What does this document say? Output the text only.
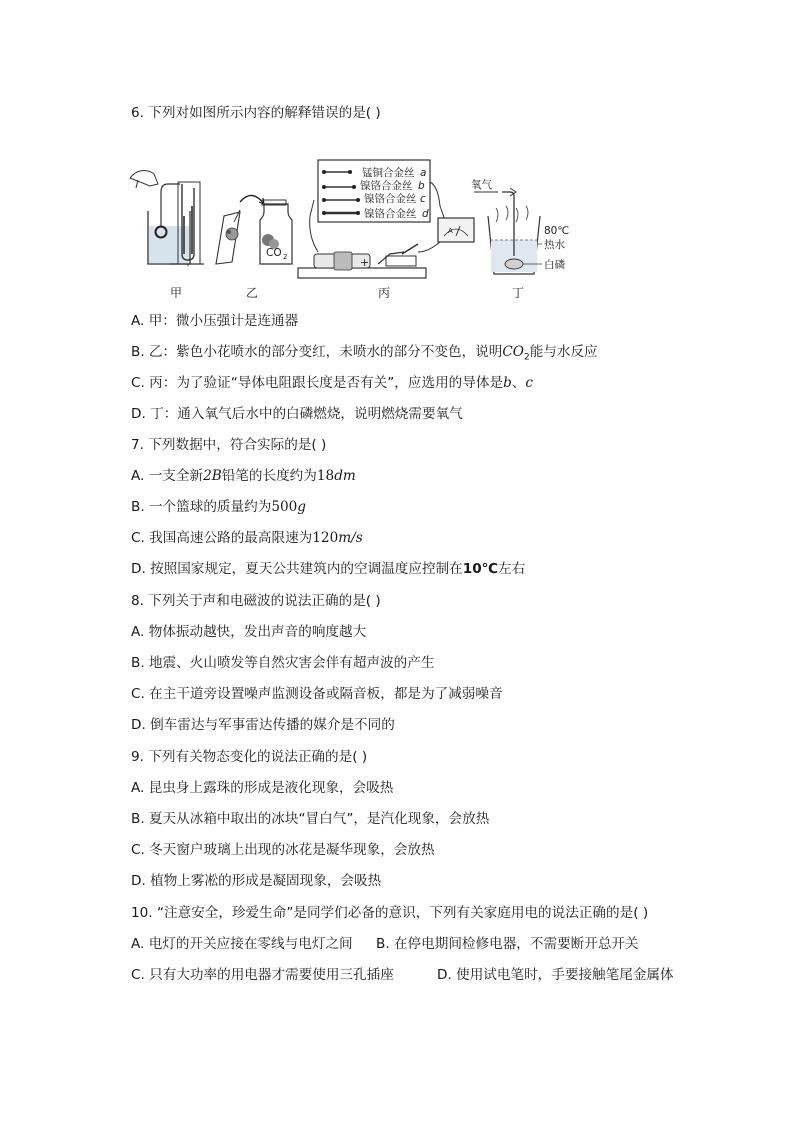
6. 下列对如图所示内容的解释错误的是( )
甲
CO 2
乙
+
A
锰铜合金丝 a
镍铬合金丝 b
镍铬合金丝 c
镍铬合金丝 d
丙
氧气
80℃
热水
白磷
丁
A. 甲：微小压强计是连通器
B. 乙：紫色小花喷水的部分变红，未喷水的部分不变色，说明$CO_2$能与水反应
C. 丙：为了验证“导体电阻跟长度是否有关”，应选用的导体是b、c
D. 丁：通入氧气后水中的白磷燃烧，说明燃烧需要氧气
7. 下列数据中，符合实际的是( )
A. 一支全新2B铅笔的长度约为18dm
B. 一个篮球的质量约为500g
C. 我国高速公路的最高限速为120m/s
D. 按照国家规定，夏天公共建筑内的空调温度应控制在10℃左右
8. 下列关于声和电磁波的说法正确的是( )
A. 物体振动越快，发出声音的响度越大
B. 地震、火山喷发等自然灾害会伴有超声波的产生
C. 在主干道旁设置噪声监测设备或隔音板，都是为了减弱噪音
D. 倒车雷达与军事雷达传播的媒介是不同的
9. 下列有关物态变化的说法正确的是( )
A. 昆虫身上露珠的形成是液化现象，会吸热
B. 夏天从冰箱中取出的冰块“冒白气”，是汽化现象，会放热
C. 冬天窗户玻璃上出现的冰花是凝华现象，会放热
D. 植物上雾凇的形成是凝固现象，会吸热
10. “注意安全，珍爱生命”是同学们必备的意识，下列有关家庭用电的说法正确的是( )
A. 电灯的开关应接在零线与电灯之间 B. 在停电期间检修电器，不需要断开总开关
C. 只有大功率的用电器才需要使用三孔插座	D. 使用试电笔时，手要接触笔尾金属体
